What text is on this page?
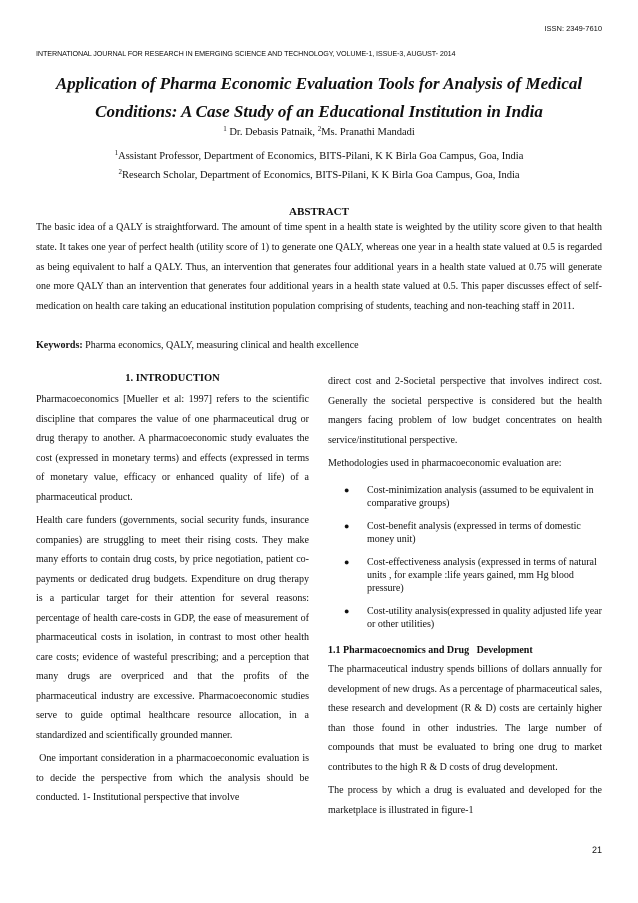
ISSN: 2349-7610
INTERNATIONAL JOURNAL FOR RESEARCH IN EMERGING SCIENCE AND TECHNOLOGY, VOLUME-1, ISSUE-3, AUGUST- 2014
Application of Pharma Economic Evaluation Tools for Analysis of Medical Conditions: A Case Study of an Educational Institution in India
$^1$ Dr. Debasis Patnaik, $^2$Ms. Pranathi Mandadi
$^1$Assistant Professor, Department of Economics, BITS-Pilani, K K Birla Goa Campus, Goa, India
$^2$Research Scholar, Department of Economics, BITS-Pilani, K K Birla Goa Campus, Goa, India
ABSTRACT

The basic idea of a QALY is straightforward. The amount of time spent in a health state is weighted by the utility score given to that health state. It takes one year of perfect health (utility score of 1) to generate one QALY, whereas one year in a health state valued at 0.5 is regarded as being equivalent to half a QALY. Thus, an intervention that generates four additional years in a health state valued at 0.75 will generate one more QALY than an intervention that generates four additional years in a health state valued at 0.5. This paper discusses effect of self-medication on health care taking an educational institution population comprising of students, teaching and non-teaching staff in 2011.

Keywords: Pharma economics, QALY, measuring clinical and health excellence

1. INTRODUCTION

Pharmacoeconomics [Mueller et al: 1997] refers to the scientific discipline that compares the value of one pharmaceutical drug or drug therapy to another. A pharmacoeconomic study evaluates the cost (expressed in monetary terms) and effects (expressed in terms of monetary value, efficacy or enhanced quality of life) of a pharmaceutical product.

Health care funders (governments, social security funds, insurance companies) are struggling to meet their rising costs. They make many efforts to contain drug costs, by price negotiation, patient co-payments or dedicated drug budgets. Expenditure on drug therapy is a particular target for their attention for several reasons: percentage of health care-costs in GDP, the ease of measurement of pharmaceutical costs in isolation, in contrast to most other health care costs; evidence of wasteful prescribing; and a perception that many drugs are overpriced and that the profits of the pharmaceutical industry are excessive. Pharmacoeconomic studies serve to guide optimal healthcare resource allocation, in a standardized and scientifically grounded manner.

One important consideration in a pharmacoeconomic evaluation is to decide the perspective from which the analysis should be conducted. 1- Institutional perspective that involve

direct cost and 2-Societal perspective that involves indirect cost. Generally the societal perspective is considered but the health mangers facing problem of low budget concentrates on health service/institutional perspective.

Methodologies used in pharmacoeconomic evaluation are:

● Cost-minimization analysis (assumed to be equivalent in comparative groups)
● Cost-benefit analysis (expressed in terms of domestic money unit)
● Cost-effectiveness analysis (expressed in terms of natural units , for example :life years gained, mm Hg blood pressure)
● Cost-utility analysis(expressed in quality adjusted life year or other utilities)
1.1 Pharmacoecnomics and Drug   Development

The pharmaceutical industry spends billions of dollars annually for development of new drugs. As a percentage of pharmaceutical sales, these research and development (R & D) costs are certainly higher than those found in other industries. The large number of compounds that must be evaluated to bring one drug to market contributes to the high R & D costs of drug development.

The process by which a drug is evaluated and developed for the marketplace is illustrated in figure-1

21
